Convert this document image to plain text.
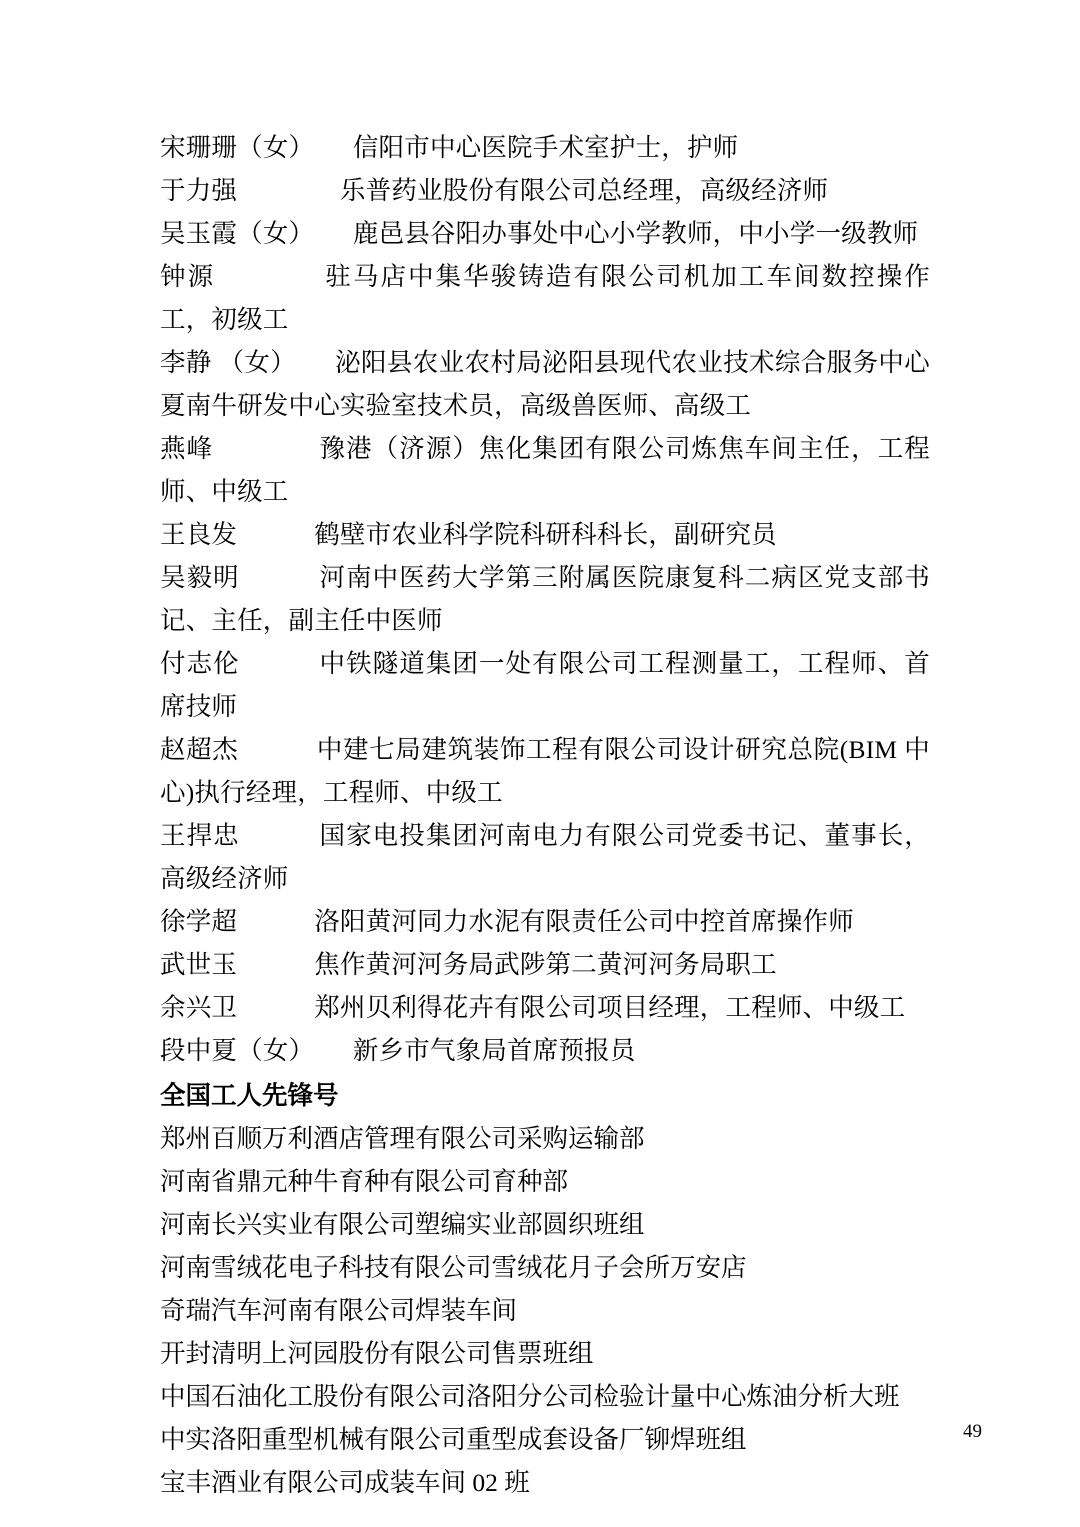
宋珊珊（女）　　 信阳市中心医院手术室护士，护师

于力强　　　　	乐普药业股份有限公司总经理，高级经济师

吴玉霞（女）　　 鹿邑县谷阳办事处中心小学教师，中小学一级教师

钟源　　　　	驻马店中集华骏铸造有限公司机加工车间数控操作工，初级工

李静 （女）　　 泌阳县农业农村局泌阳县现代农业技术综合服务中心夏南牛研发中心实验室技术员，高级兽医师、高级工

燕峰　　　　	豫港（济源）焦化集团有限公司炼焦车间主任，工程师、中级工

王良发　　　	鹤壁市农业科学院科研科科长，副研究员

吴毅明　　　	河南中医药大学第三附属医院康复科二病区党支部书记、主任，副主任中医师

付志伦　　　	中铁隧道集团一处有限公司工程测量工，工程师、首席技师

赵超杰　　　	中建七局建筑装饰工程有限公司设计研究总院(BIM 中心)执行经理，工程师、中级工

王捍忠　　　	国家电投集团河南电力有限公司党委书记、董事长，高级经济师

徐学超　　　	洛阳黄河同力水泥有限责任公司中控首席操作师

武世玉　　　	焦作黄河河务局武陟第二黄河河务局职工

余兴卫　　　	郑州贝利得花卉有限公司项目经理，工程师、中级工

段中夏（女）　　 新乡市气象局首席预报员

全国工人先锋号

郑州百顺万利酒店管理有限公司采购运输部

河南省鼎元种牛育种有限公司育种部

河南长兴实业有限公司塑编实业部圆织班组

河南雪绒花电子科技有限公司雪绒花月子会所万安店

奇瑞汽车河南有限公司焊装车间

开封清明上河园股份有限公司售票班组

中国石油化工股份有限公司洛阳分公司检验计量中心炼油分析大班

中实洛阳重型机械有限公司重型成套设备厂铆焊班组

宝丰酒业有限公司成装车间 02 班

49
